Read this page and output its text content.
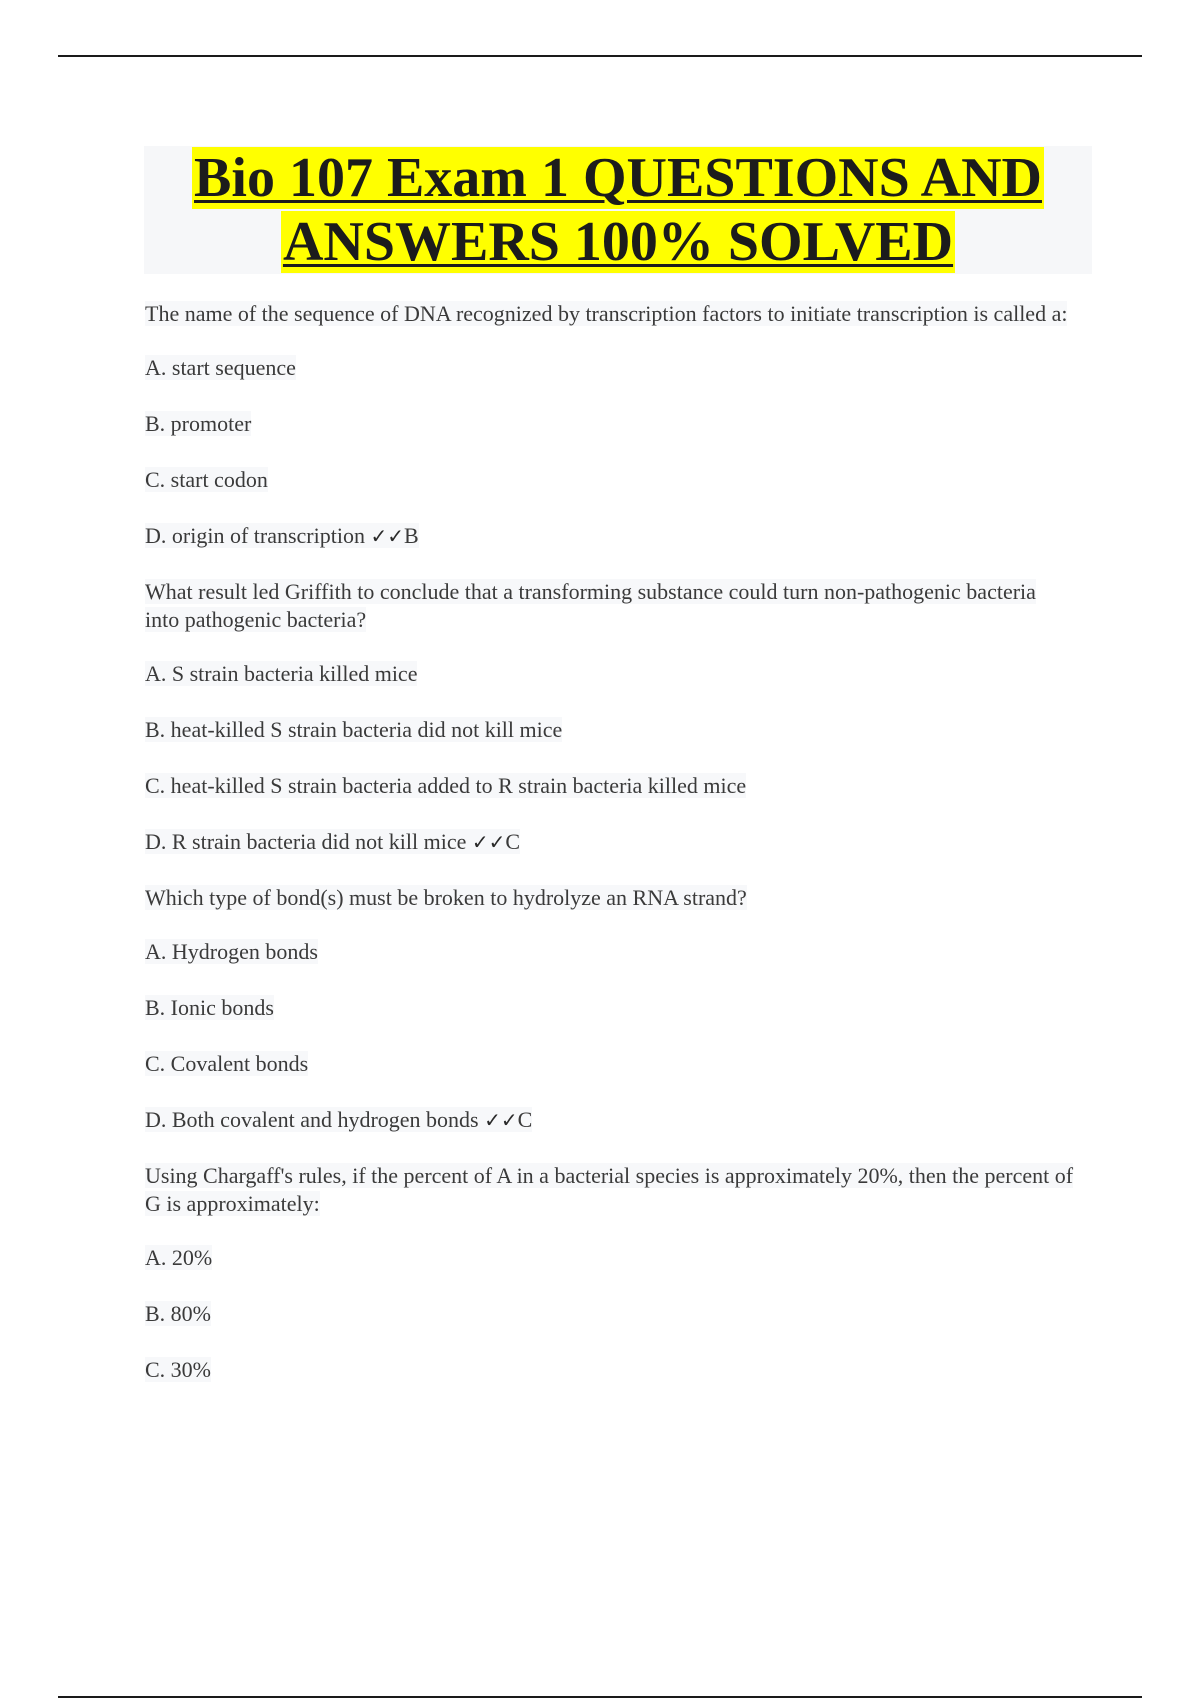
Bio 107 Exam 1 QUESTIONS AND
ANSWERS 100% SOLVED

The name of the sequence of DNA recognized by transcription factors to initiate transcription is called a:

A. start sequence

B. promoter

C. start codon

D. origin of transcription ✓✓B

What result led Griffith to conclude that a transforming substance could turn non-pathogenic bacteria into pathogenic bacteria?

A. S strain bacteria killed mice

B. heat-killed S strain bacteria did not kill mice

C. heat-killed S strain bacteria added to R strain bacteria killed mice

D. R strain bacteria did not kill mice ✓✓C

Which type of bond(s) must be broken to hydrolyze an RNA strand?

A. Hydrogen bonds

B. Ionic bonds

C. Covalent bonds

D. Both covalent and hydrogen bonds ✓✓C

Using Chargaff's rules, if the percent of A in a bacterial species is approximately 20%, then the percent of G is approximately:

A. 20%

B. 80%

C. 30%
